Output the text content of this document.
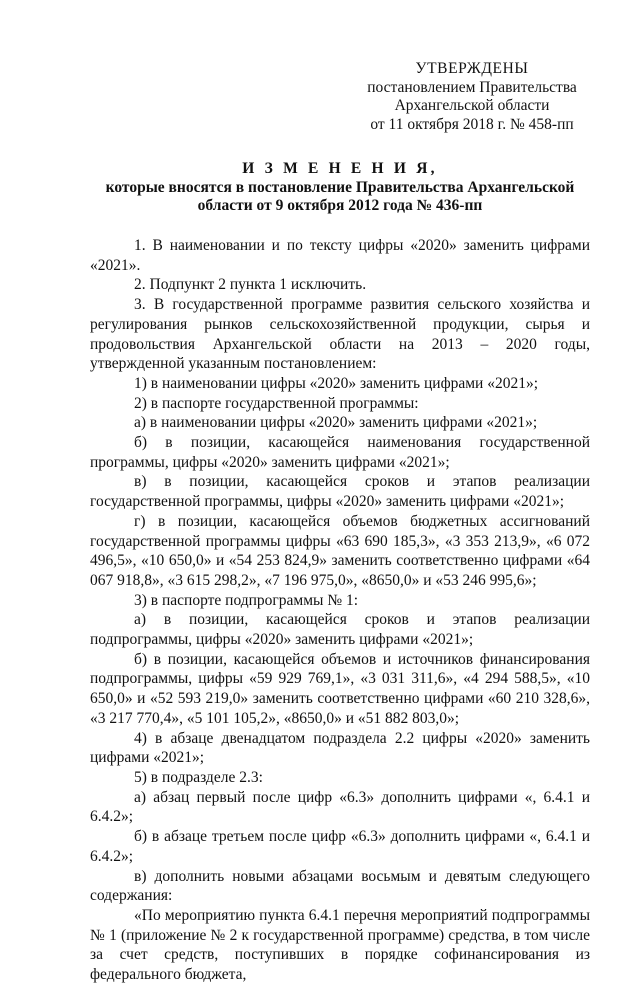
УТВЕРЖДЕНЫ
постановлением Правительства
Архангельской области
от 11 октября 2018 г. № 458-пп
И З М Е Н Е Н И Я,
которые вносятся в постановление Правительства Архангельской
области от 9 октября 2012 года № 436-пп

1. В наименовании и по тексту цифры «2020» заменить цифрами «2021».

2. Подпункт 2 пункта 1 исключить.

3. В государственной программе развития сельского хозяйства и регулирования рынков сельскохозяйственной продукции, сырья и продовольствия Архангельской области на 2013 – 2020 годы, утвержденной указанным постановлением:

1) в наименовании цифры «2020» заменить цифрами «2021»;

2) в паспорте государственной программы:

а) в наименовании цифры «2020» заменить цифрами «2021»;

б) в позиции, касающейся наименования государственной программы, цифры «2020» заменить цифрами «2021»;

в) в позиции, касающейся сроков и этапов реализации государственной программы, цифры «2020» заменить цифрами «2021»;

г) в позиции, касающейся объемов бюджетных ассигнований государственной программы цифры «63 690 185,3», «3 353 213,9», «6 072 496,5», «10 650,0» и «54 253 824,9» заменить соответственно цифрами «64 067 918,8», «3 615 298,2», «7 196 975,0», «8650,0» и «53 246 995,6»;

3) в паспорте подпрограммы № 1:

а) в позиции, касающейся сроков и этапов реализации подпрограммы, цифры «2020» заменить цифрами «2021»;

б) в позиции, касающейся объемов и источников финансирования подпрограммы, цифры «59 929 769,1», «3 031 311,6», «4 294 588,5», «10 650,0» и «52 593 219,0» заменить соответственно цифрами «60 210 328,6», «3 217 770,4», «5 101 105,2», «8650,0» и «51 882 803,0»;

4) в абзаце двенадцатом подраздела 2.2 цифры «2020» заменить цифрами «2021»;

5) в подразделе 2.3:

а) абзац первый после цифр «6.3» дополнить цифрами «, 6.4.1 и 6.4.2»;

б) в абзаце третьем после цифр «6.3» дополнить цифрами «, 6.4.1 и 6.4.2»;

в) дополнить новыми абзацами восьмым и девятым следующего содержания:

«По мероприятию пункта 6.4.1 перечня мероприятий подпрограммы № 1 (приложение № 2 к государственной программе) средства, в том числе за счет средств, поступивших в порядке софинансирования из федерального бюджета,
